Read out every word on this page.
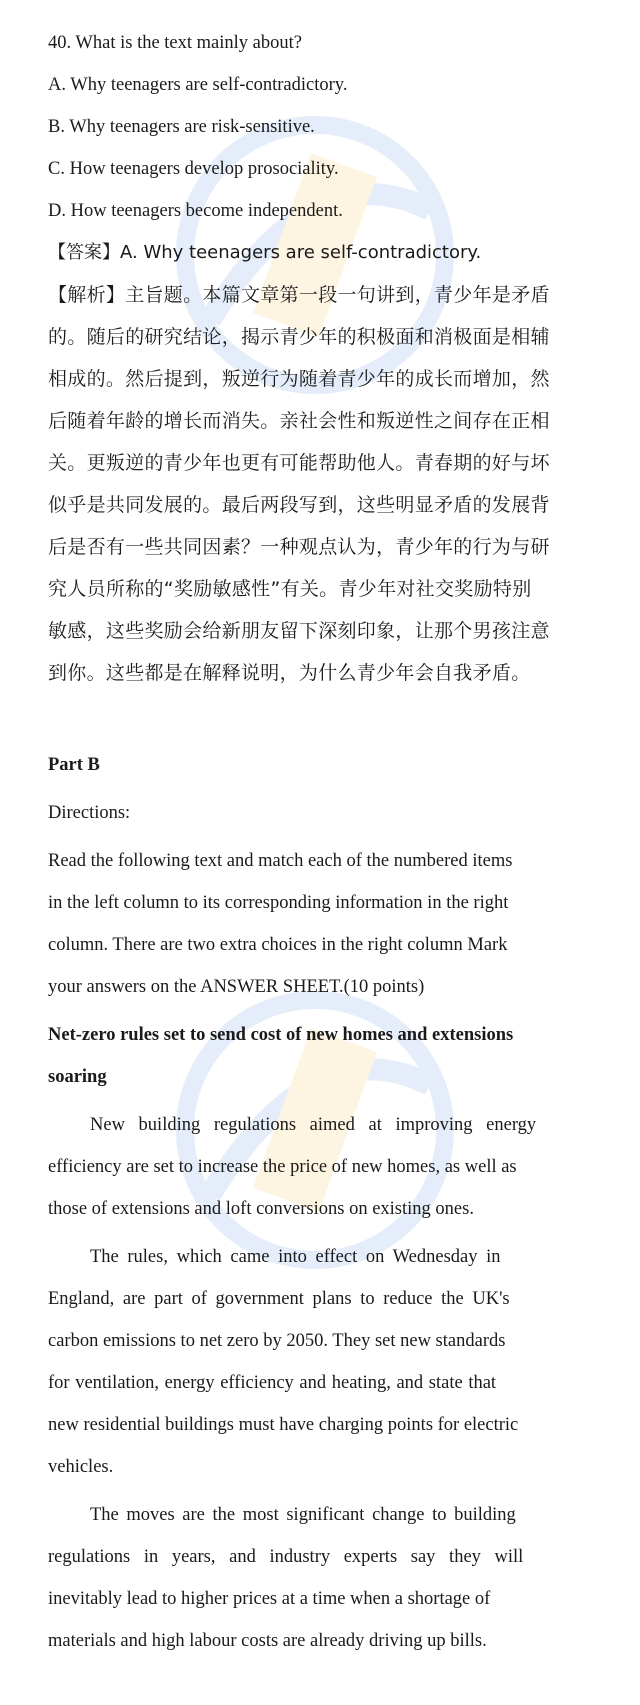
40. What is the text mainly about?

A. Why teenagers are self-contradictory.

B. Why teenagers are risk-sensitive.

C. How teenagers develop prosociality.

D. How teenagers become independent.

【答案】A. Why teenagers are self-contradictory.

【解析】主旨题。本篇文章第一段一句讲到，青少年是矛盾

的。随后的研究结论，揭示青少年的积极面和消极面是相辅

相成的。然后提到，叛逆行为随着青少年的成长而增加，然

后随着年龄的增长而消失。亲社会性和叛逆性之间存在正相

关。更叛逆的青少年也更有可能帮助他人。青春期的好与坏

似乎是共同发展的。最后两段写到，这些明显矛盾的发展背

后是否有一些共同因素？一种观点认为，青少年的行为与研

究人员所称的“奖励敏感性”有关。青少年对社交奖励特别

敏感，这些奖励会给新朋友留下深刻印象，让那个男孩注意

到你。这些都是在解释说明，为什么青少年会自我矛盾。

Part B

Directions:

Read the following text and match each of the numbered items

in the left column to its corresponding information in the right

column. There are two extra choices in the right column Mark

your answers on the ANSWER SHEET.(10 points)

Net-zero rules set to send cost of new homes and extensions

soaring

New building regulations aimed at improving energy

efficiency are set to increase the price of new homes, as well as

those of extensions and loft conversions on existing ones.

The rules, which came into effect on Wednesday in

England, are part of government plans to reduce the UK's

carbon emissions to net zero by 2050. They set new standards

for ventilation, energy efficiency and heating, and state that

new residential buildings must have charging points for electric

vehicles.

The moves are the most significant change to building

regulations in years, and industry experts say they will

inevitably lead to higher prices at a time when a shortage of

materials and high labour costs are already driving up bills.
